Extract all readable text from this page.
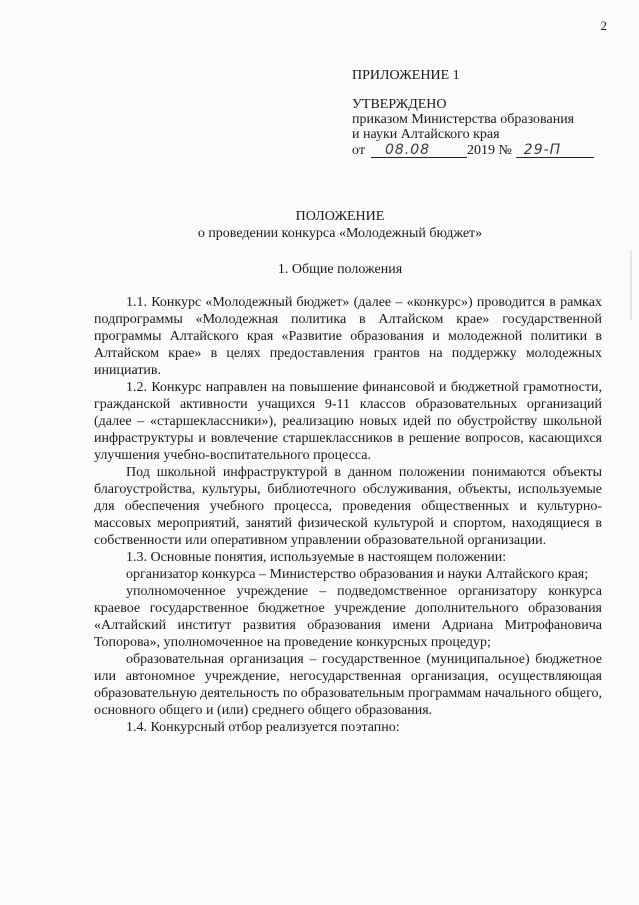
2
ПРИЛОЖЕНИЕ 1
УТВЕРЖДЕНО
приказом Министерства образования
и науки Алтайского края
от 08.08	2019 № 29-П
ПОЛОЖЕНИЕ
о проведении конкурса «Молодежный бюджет»
1. Общие положения

1.1. Конкурс «Молодежный бюджет» (далее – «конкурс») проводится в рамках подпрограммы «Молодежная политика в Алтайском крае» государственной программы Алтайского края «Развитие образования и молодежной политики в Алтайском крае» в целях предоставления грантов на поддержку молодежных инициатив.

1.2. Конкурс направлен на повышение финансовой и бюджетной грамотности, гражданской активности учащихся 9-11 классов образовательных организаций (далее – «старшеклассники»), реализацию новых идей по обустройству школьной инфраструктуры и вовлечение старшеклассников в решение вопросов, касающихся улучшения учебно-воспитательного процесса.

Под школьной инфраструктурой в данном положении понимаются объекты благоустройства, культуры, библиотечного обслуживания, объекты, используемые для обеспечения учебного процесса, проведения общественных и культурно-массовых мероприятий, занятий физической культурой и спортом, находящиеся в собственности или оперативном управлении образовательной организации.

1.3. Основные понятия, используемые в настоящем положении:

организатор конкурса – Министерство образования и науки Алтайского края;

уполномоченное учреждение – подведомственное организатору конкурса краевое государственное бюджетное учреждение дополнительного образования «Алтайский институт развития образования имени Адриана Митрофановича Топорова», уполномоченное на проведение конкурсных процедур;

образовательная организация – государственное (муниципальное) бюджетное или автономное учреждение, негосударственная организация, осуществляющая образовательную деятельность по образовательным программам начального общего, основного общего и (или) среднего общего образования.

1.4. Конкурсный отбор реализуется поэтапно:
